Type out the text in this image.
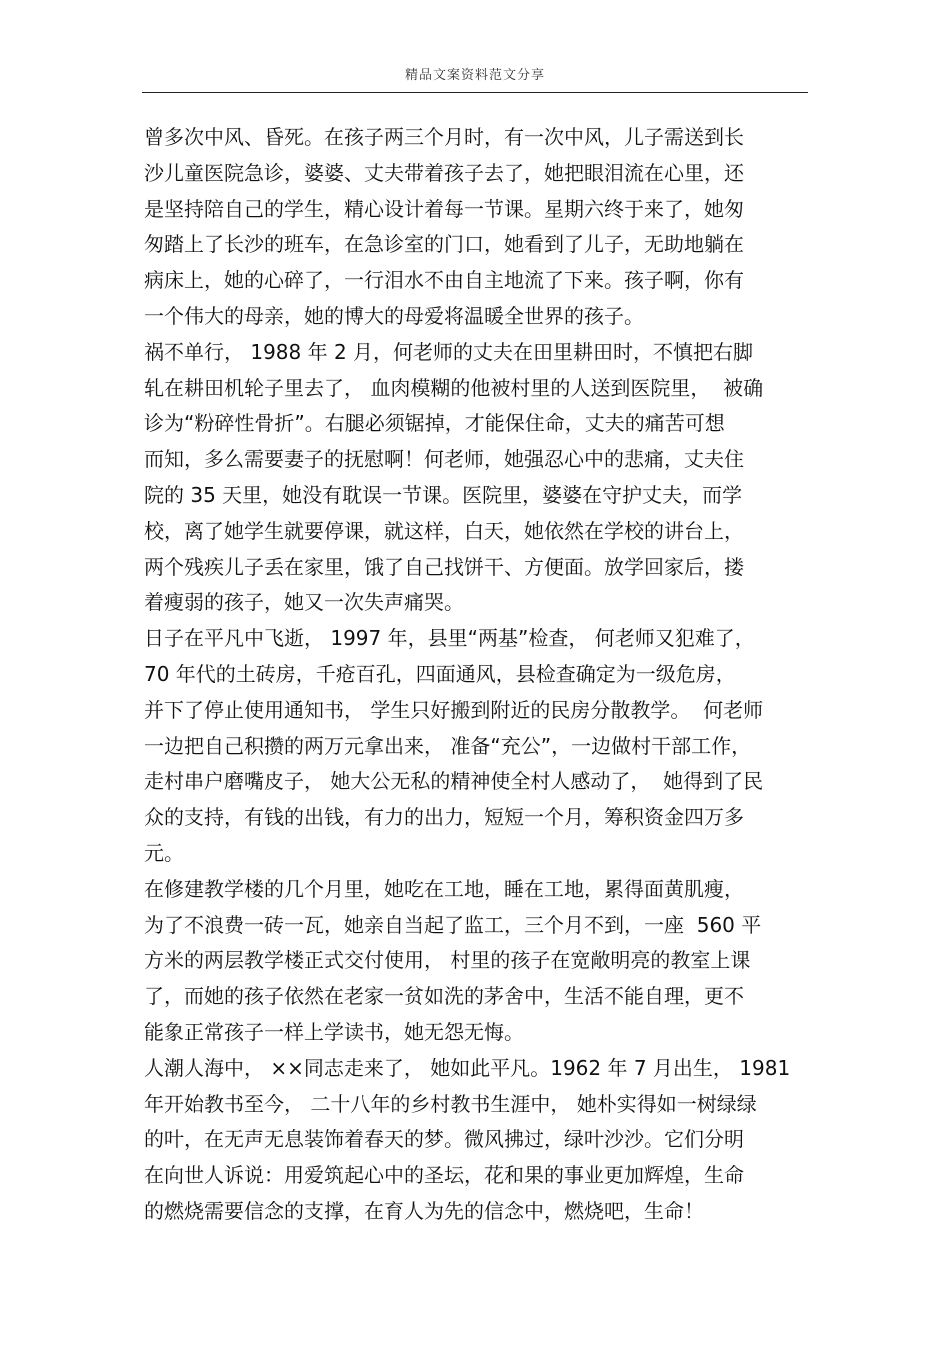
精品文案资料范文分享
曾多次中风、昏死。在孩子两三个月时，有一次中风，儿子需送到长
沙儿童医院急诊，婆婆、丈夫带着孩子去了，她把眼泪流在心里，还
是坚持陪自己的学生，精心设计着每一节课。星期六终于来了，她匆
匆踏上了长沙的班车，在急诊室的门口，她看到了儿子，无助地躺在
病床上，她的心碎了，一行泪水不由自主地流了下来。孩子啊，你有
一个伟大的母亲，她的博大的母爱将温暖全世界的孩子。
祸不单行， 1988 年 2 月，何老师的丈夫在田里耕田时，不慎把右脚
轧在耕田机轮子里去了， 血肉模糊的他被村里的人送到医院里，  被确
诊为“粉碎性骨折”。右腿必须锯掉，才能保住命，丈夫的痛苦可想
而知，多么需要妻子的抚慰啊！何老师，她强忍心中的悲痛，丈夫住
院的 35 天里，她没有耽误一节课。医院里，婆婆在守护丈夫，而学
校，离了她学生就要停课，就这样，白天，她依然在学校的讲台上，
两个残疾儿子丢在家里，饿了自己找饼干、方便面。放学回家后，搂
着瘦弱的孩子，她又一次失声痛哭。
日子在平凡中飞逝， 1997 年，县里“两基”检查， 何老师又犯难了，
70 年代的土砖房，千疮百孔，四面通风，县检查确定为一级危房，
并下了停止使用通知书， 学生只好搬到附近的民房分散教学。  何老师
一边把自己积攒的两万元拿出来， 准备“充公”，一边做村干部工作，
走村串户磨嘴皮子， 她大公无私的精神使全村人感动了，  她得到了民
众的支持，有钱的出钱，有力的出力，短短一个月，筹积资金四万多
元。
在修建教学楼的几个月里，她吃在工地，睡在工地，累得面黄肌瘦，
为了不浪费一砖一瓦，她亲自当起了监工，三个月不到，一座  560 平
方米的两层教学楼正式交付使用， 村里的孩子在宽敞明亮的教室上课
了，而她的孩子依然在老家一贫如洗的茅舍中，生活不能自理，更不
能象正常孩子一样上学读书，她无怨无悔。
人潮人海中， ××同志走来了， 她如此平凡。1962 年 7 月出生， 1981
年开始教书至今， 二十八年的乡村教书生涯中， 她朴实得如一树绿绿
的叶，在无声无息装饰着春天的梦。微风拂过，绿叶沙沙。它们分明
在向世人诉说：用爱筑起心中的圣坛，花和果的事业更加辉煌，生命
的燃烧需要信念的支撑，在育人为先的信念中，燃烧吧，生命！
